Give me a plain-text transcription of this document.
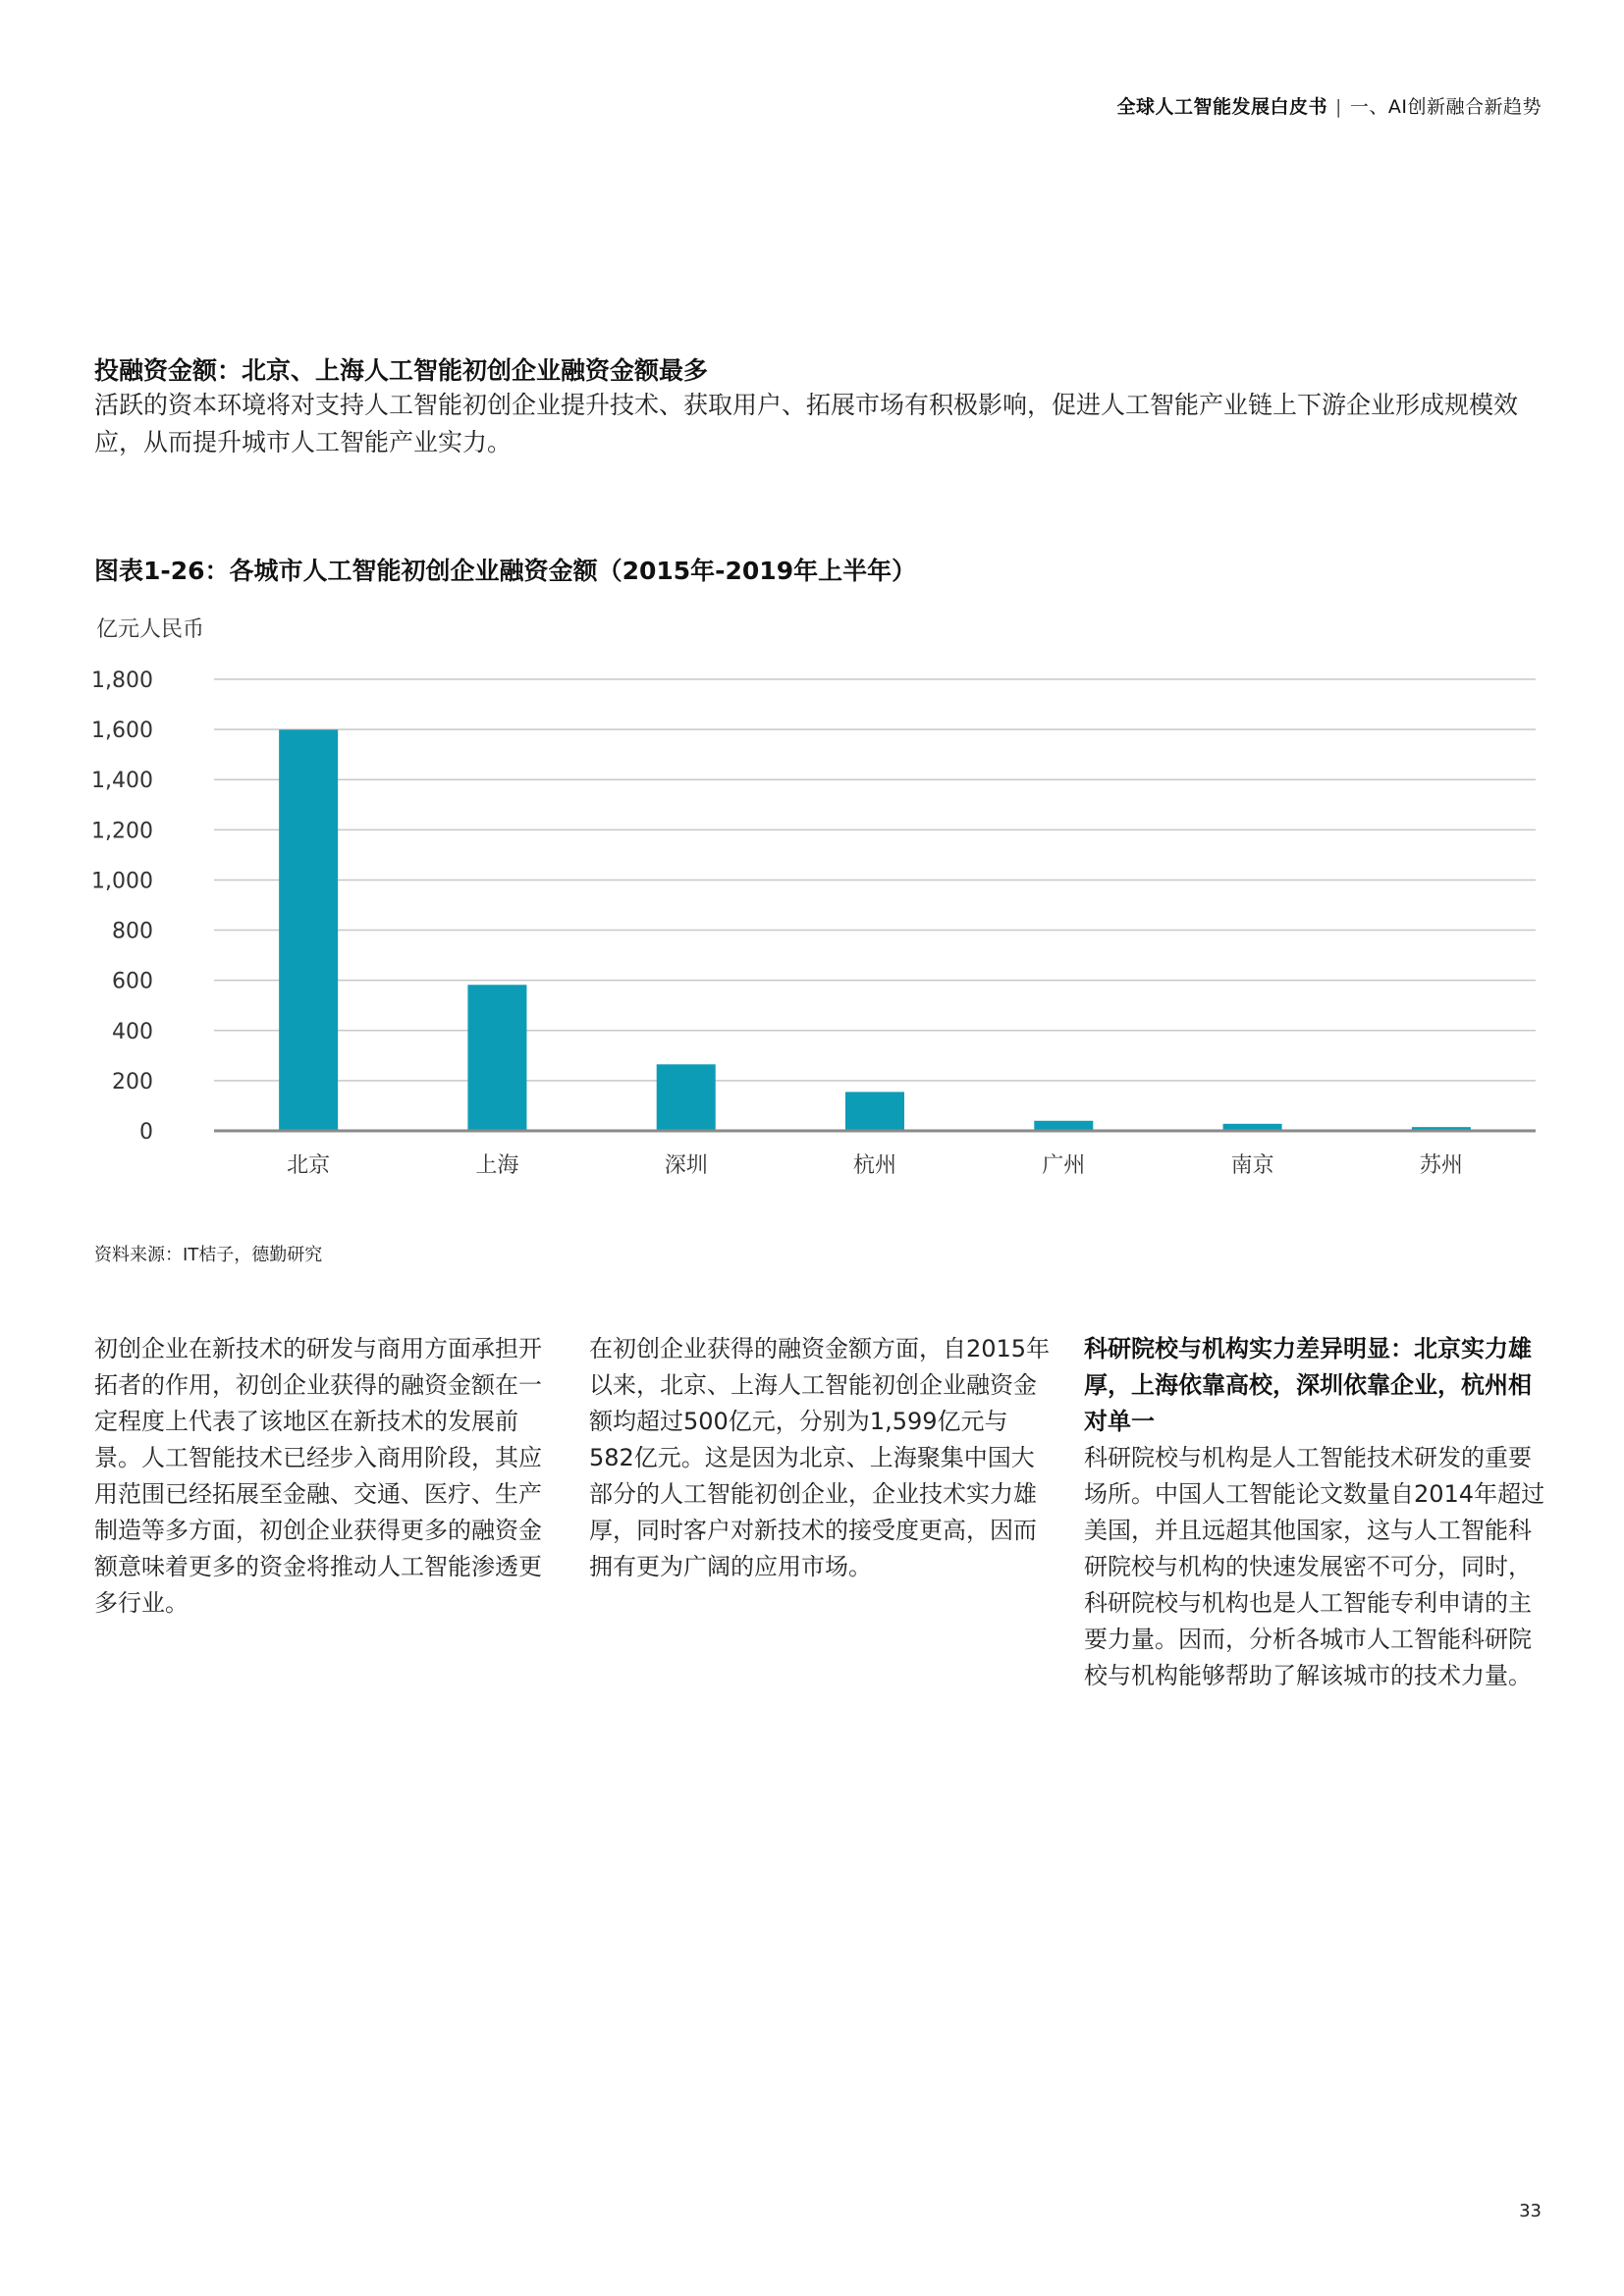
全球人工智能发展白皮书 | 一、AI创新融合新趋势
投融资金额：北京、上海人工智能初创企业融资金额最多
活跃的资本环境将对支持人工智能初创企业提升技术、获取用户、拓展市场有积极影响，促进人工智能产业链上下游企业形成规模效应，从而提升城市人工智能产业实力。
图表1-26：各城市人工智能初创企业融资金额（2015年-2019年上半年）
亿元人民币
0
200
400
600
800
1,000
1,200
1,400
1,600
1,800
北京	上海	深圳	杭州	广州	南京	苏州
资料来源：IT桔子，德勤研究
初创企业在新技术的研发与商用方面承担开拓者的作用，初创企业获得的融资金额在一定程度上代表了该地区在新技术的发展前景。人工智能技术已经步入商用阶段，其应用范围已经拓展至金融、交通、医疗、生产制造等多方面，初创企业获得更多的融资金额意味着更多的资金将推动人工智能渗透更多行业。
在初创企业获得的融资金额方面，自2015年以来，北京、上海人工智能初创企业融资金额均超过500亿元，分别为1,599亿元与582亿元。这是因为北京、上海聚集中国大部分的人工智能初创企业，企业技术实力雄厚，同时客户对新技术的接受度更高，因而拥有更为广阔的应用市场。
科研院校与机构实力差异明显：北京实力雄厚，上海依靠高校，深圳依靠企业，杭州相对单一
科研院校与机构是人工智能技术研发的重要场所。中国人工智能论文数量自2014年超过美国，并且远超其他国家，这与人工智能科研院校与机构的快速发展密不可分，同时，科研院校与机构也是人工智能专利申请的主要力量。因而，分析各城市人工智能科研院校与机构能够帮助了解该城市的技术力量。
33
